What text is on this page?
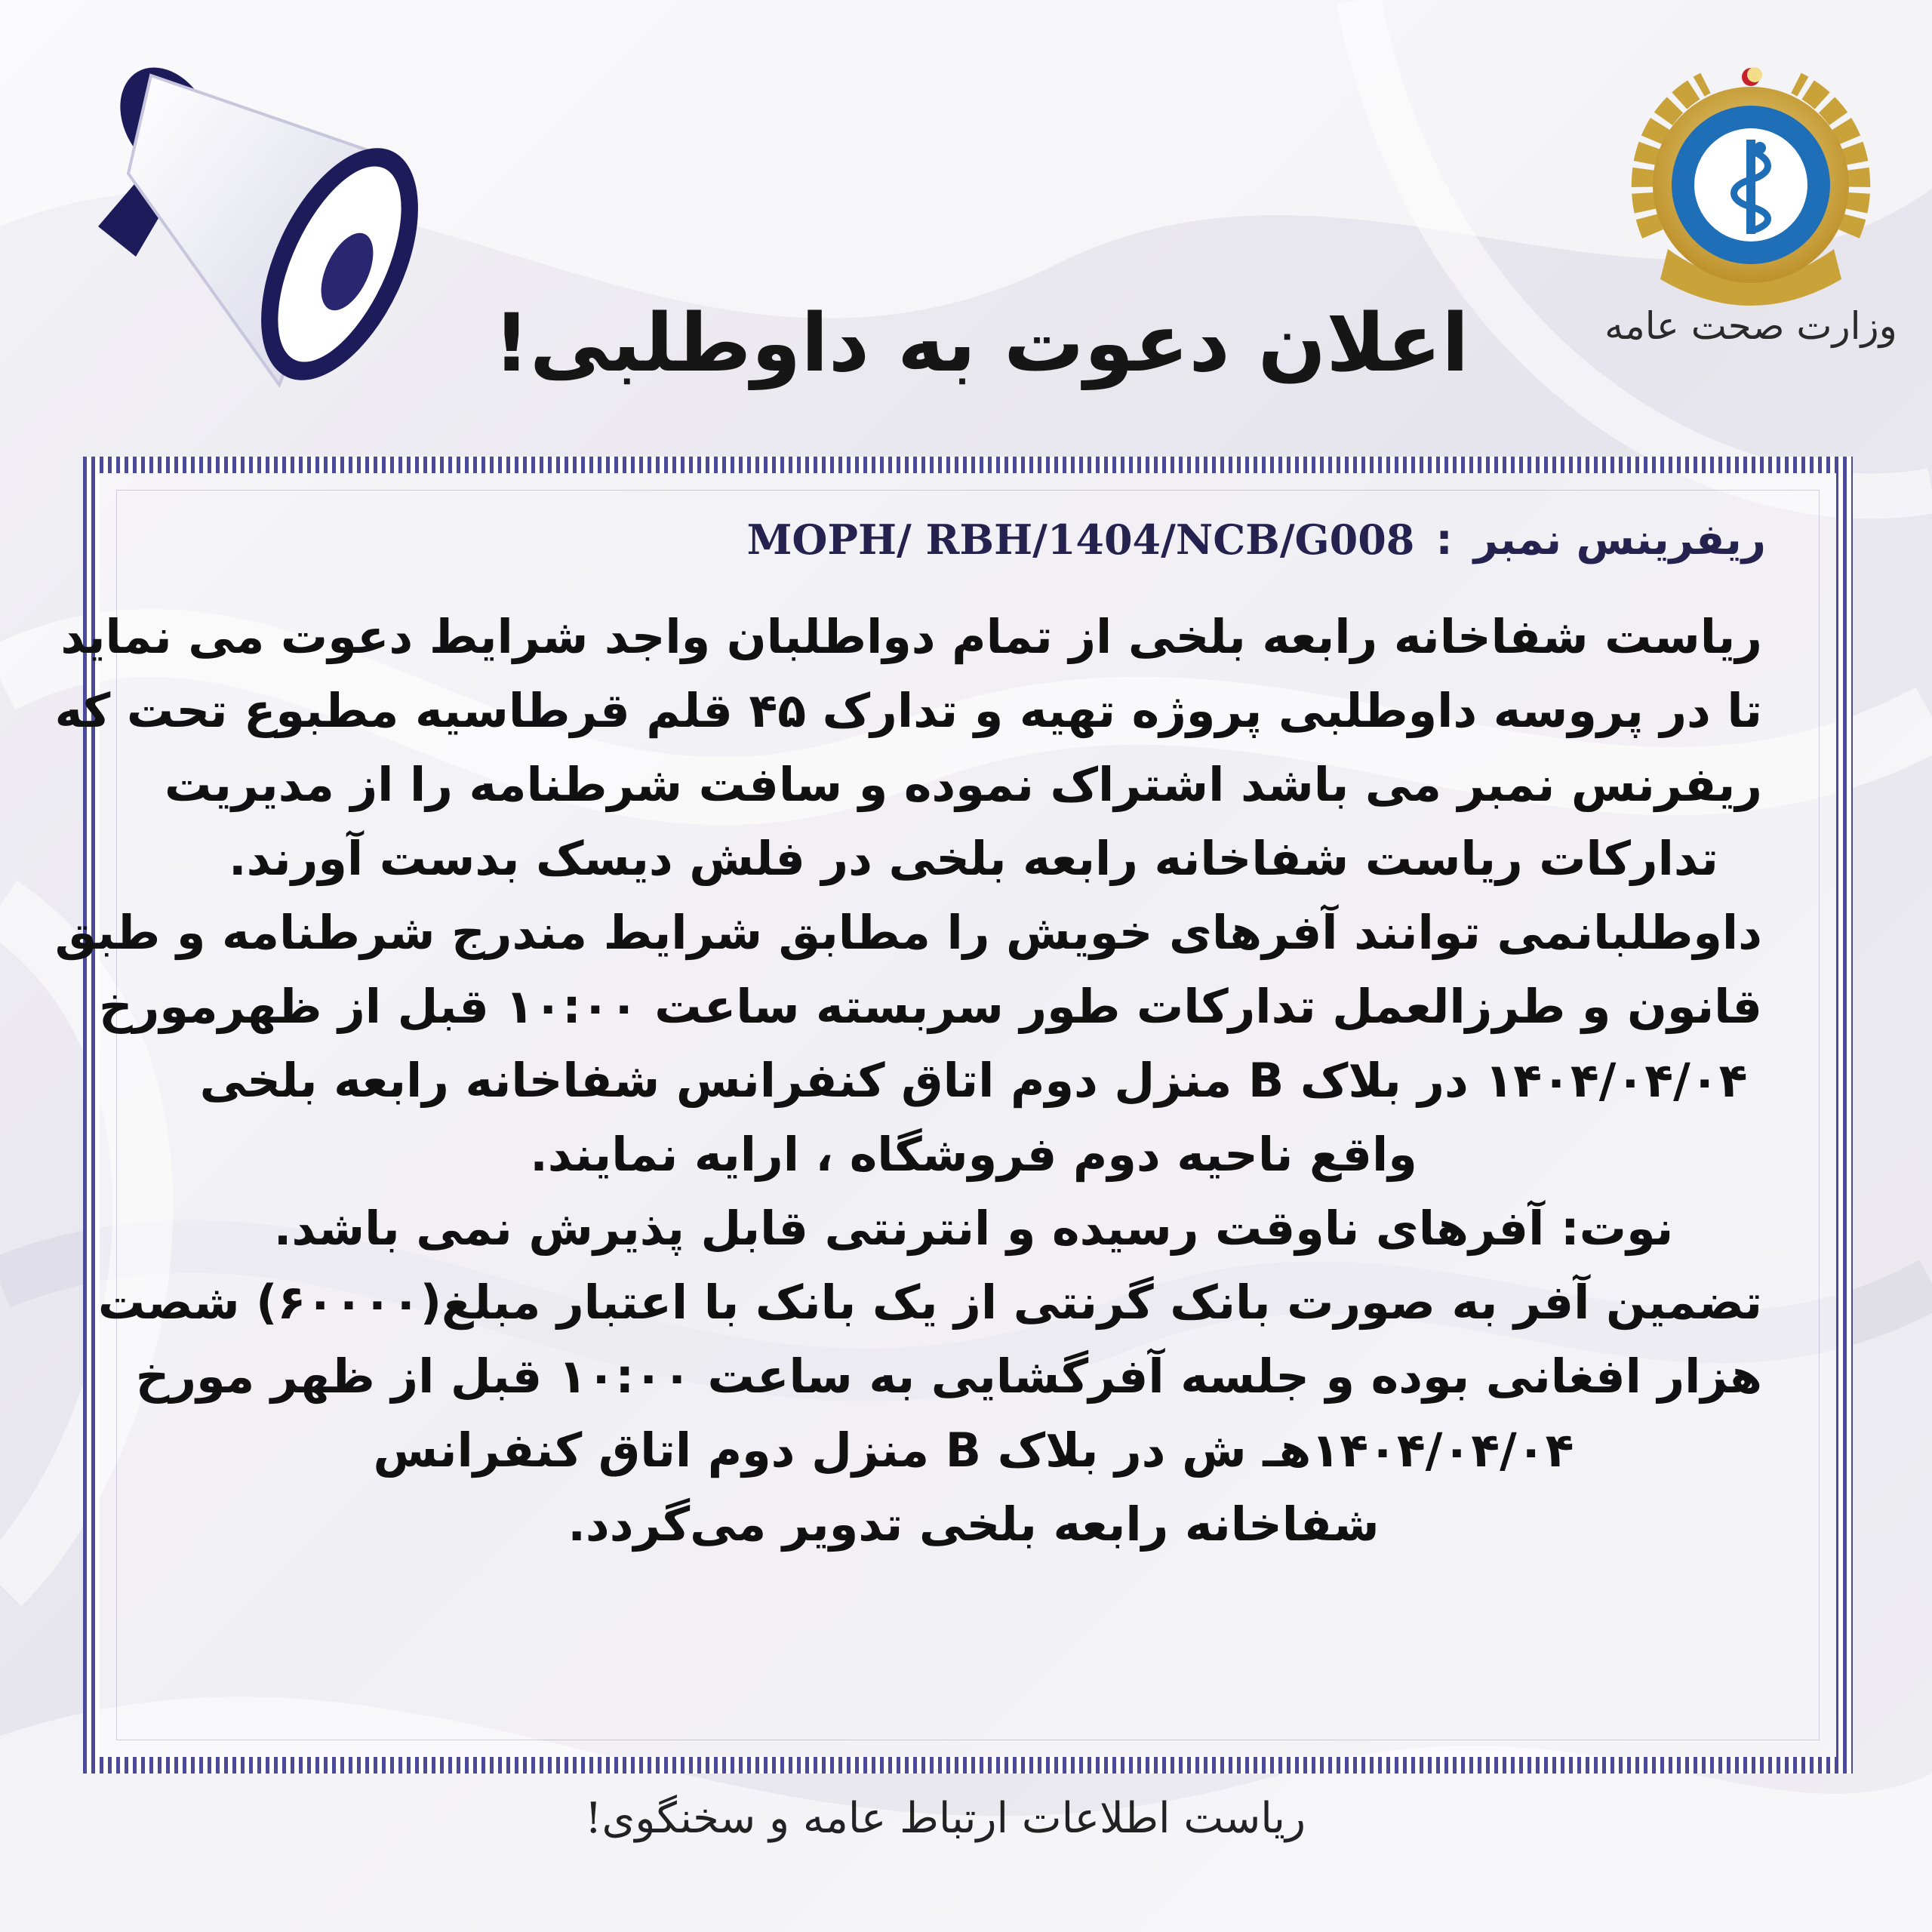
وزارت صحت عامه
اعلان دعوت به داوطلبی!
ریفرینس نمبر:MOPH/ RBH/1404/NCB/G008
ریاست شفاخانه رابعه بلخی از تمام دواطلبان واجد شرایط دعوت می نماید
تا در پروسه داوطلبی پروژه تهیه و تدارک ۴۵ قلم قرطاسیه مطبوع تحت که
ریفرنس نمبر می باشد اشتراک نموده و سافت شرطنامه را از مدیریت
تدارکات ریاست شفاخانه رابعه بلخی در فلش دیسک بدست آورند.
داوطلبانمی توانند آفرهای خویش را مطابق شرایط مندرج شرطنامه و طبق
قانون و طرزالعمل تدارکات طور سربسته ساعت ۱۰:۰۰ قبل از ظهرمورخ
۱۴۰۴/۰۴/۰۴ در بلاک B منزل دوم اتاق کنفرانس شفاخانه رابعه بلخی
واقع ناحیه دوم فروشگاه ، ارایه نمایند.
نوت: آفرهای ناوقت رسیده و انترنتی قابل پذیرش نمی باشد.
تضمین آفر به صورت بانک گرنتی از یک بانک با اعتبار مبلغ(۶۰۰۰۰) شصت
هزار افغانی بوده و جلسه آفرگشایی به ساعت ۱۰:۰۰ قبل از ظهر مورخ
۱۴۰۴/۰۴/۰۴هـ ش در بلاک B منزل دوم اتاق کنفرانس
شفاخانه رابعه بلخی تدویر می‌گردد.
ریاست اطلاعات ارتباط عامه و سخنگوی!
